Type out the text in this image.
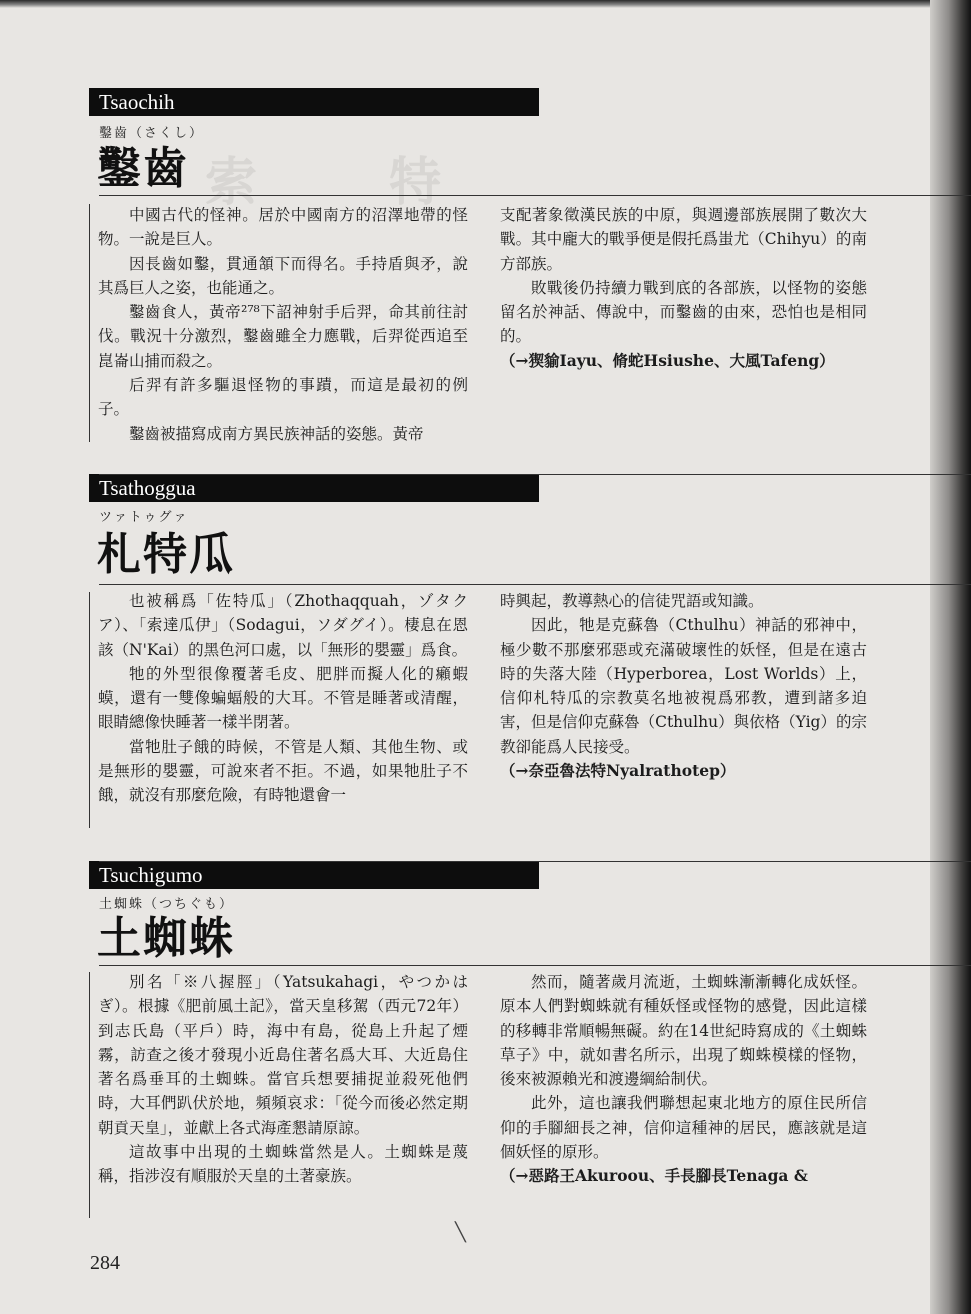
索	特
Tsaochih
鑿齒（さくし）
鑿齒

中國古代的怪神。居於中國南方的沼澤地帶的怪物。一說是巨人。

因長齒如鑿，貫通頷下而得名。手持盾與矛，說其爲巨人之姿，也能通之。

鑿齒食人，黃帝²⁷⁸下詔神射手后羿，命其前往討伐。戰況十分激烈，鑿齒雖全力應戰，后羿從西追至崑崙山捕而殺之。

后羿有許多驅退怪物的事蹟，而這是最初的例子。

鑿齒被描寫成南方異民族神話的姿態。黃帝

支配著象徵漢民族的中原，與週邊部族展開了數次大戰。其中龐大的戰爭便是假托爲蚩尤（Chihyu）的南方部族。

敗戰後仍持續力戰到底的各部族，以怪物的姿態留名於神話、傳說中，而鑿齒的由來，恐怕也是相同的。

（→猰貐Iayu、脩蛇Hsiushe、大風Tafeng）

Tsathoggua
ツァトゥグァ
札特瓜

也被稱爲「佐特瓜」（Zhothaqquah，ゾタクア）、「索達瓜伊」（Sodagui，ソダグイ）。棲息在恩該（N'Kai）的黑色河口處，以「無形的嬰靈」爲食。

牠的外型很像覆著毛皮、肥胖而擬人化的癩蝦蟆，還有一雙像蝙蝠般的大耳。不管是睡著或清醒，眼睛總像快睡著一樣半閉著。

當牠肚子餓的時候，不管是人類、其他生物、或是無形的嬰靈，可說來者不拒。不過，如果牠肚子不餓，就沒有那麼危險，有時牠還會一

時興起，教導熱心的信徒咒語或知識。

因此，牠是克蘇魯（Cthulhu）神話的邪神中，極少數不那麼邪惡或充滿破壞性的妖怪，但是在遠古時的失落大陸（Hyperborea，Lost Worlds）上，信仰札特瓜的宗教莫名地被視爲邪教，遭到諸多迫害，但是信仰克蘇魯（Cthulhu）與依格（Yig）的宗教卻能爲人民接受。

（→奈亞魯法特Nyalrathotep）

Tsuchigumo
土蜘蛛（つちぐも）
土蜘蛛

別名「※八握脛」（Yatsukahagi，やつかはぎ）。根據《肥前風土記》，當天皇移駕（西元72年）到志氏島（平戶）時，海中有島，從島上升起了煙霧，訪查之後才發現小近島住著名爲大耳、大近島住著名爲垂耳的土蜘蛛。當官兵想要捕捉並殺死他們時，大耳們趴伏於地，頻頻哀求：「從今而後必然定期朝貢天皇」，並獻上各式海產懇請原諒。

這故事中出現的土蜘蛛當然是人。土蜘蛛是蔑稱，指涉沒有順服於天皇的土著豪族。

然而，隨著歲月流逝，土蜘蛛漸漸轉化成妖怪。原本人們對蜘蛛就有種妖怪或怪物的感覺，因此這樣的移轉非常順暢無礙。約在14世紀時寫成的《土蜘蛛草子》中，就如書名所示，出現了蜘蛛模樣的怪物，後來被源賴光和渡邊綱給制伏。

此外，這也讓我們聯想起東北地方的原住民所信仰的手腳細長之神，信仰這種神的居民，應該就是這個妖怪的原形。

（→惡路王Akuroou、手長腳長Tenaga &

╲
284
